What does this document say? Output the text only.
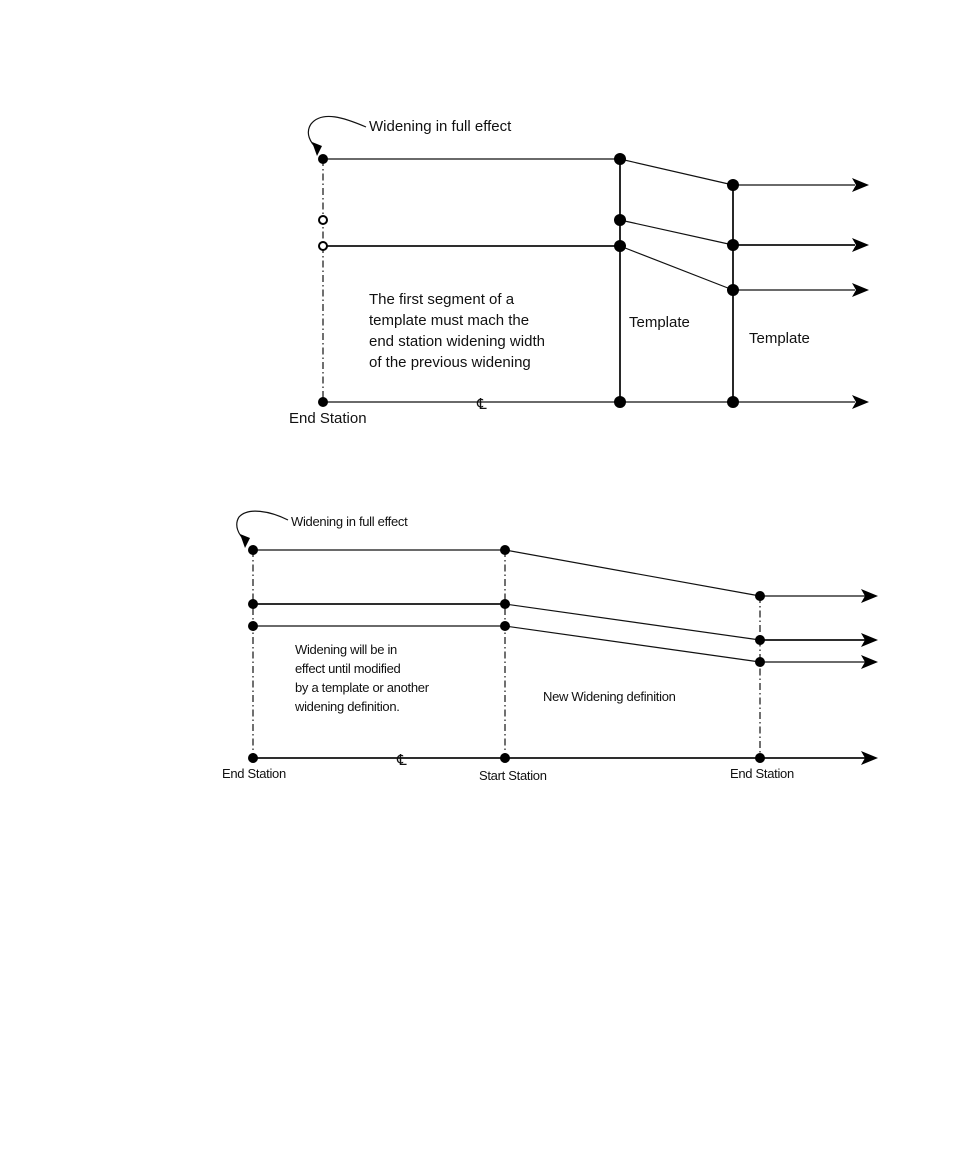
Widening in full effect
The first segment of a
template must mach the
end station widening width
of the previous widening
Template
Template
End Station
℄
Widening in full effect
Widening will be in
effect until modified
by a template or another
widening definition.
New Widening definition
End Station	Start Station	End Station
℄
